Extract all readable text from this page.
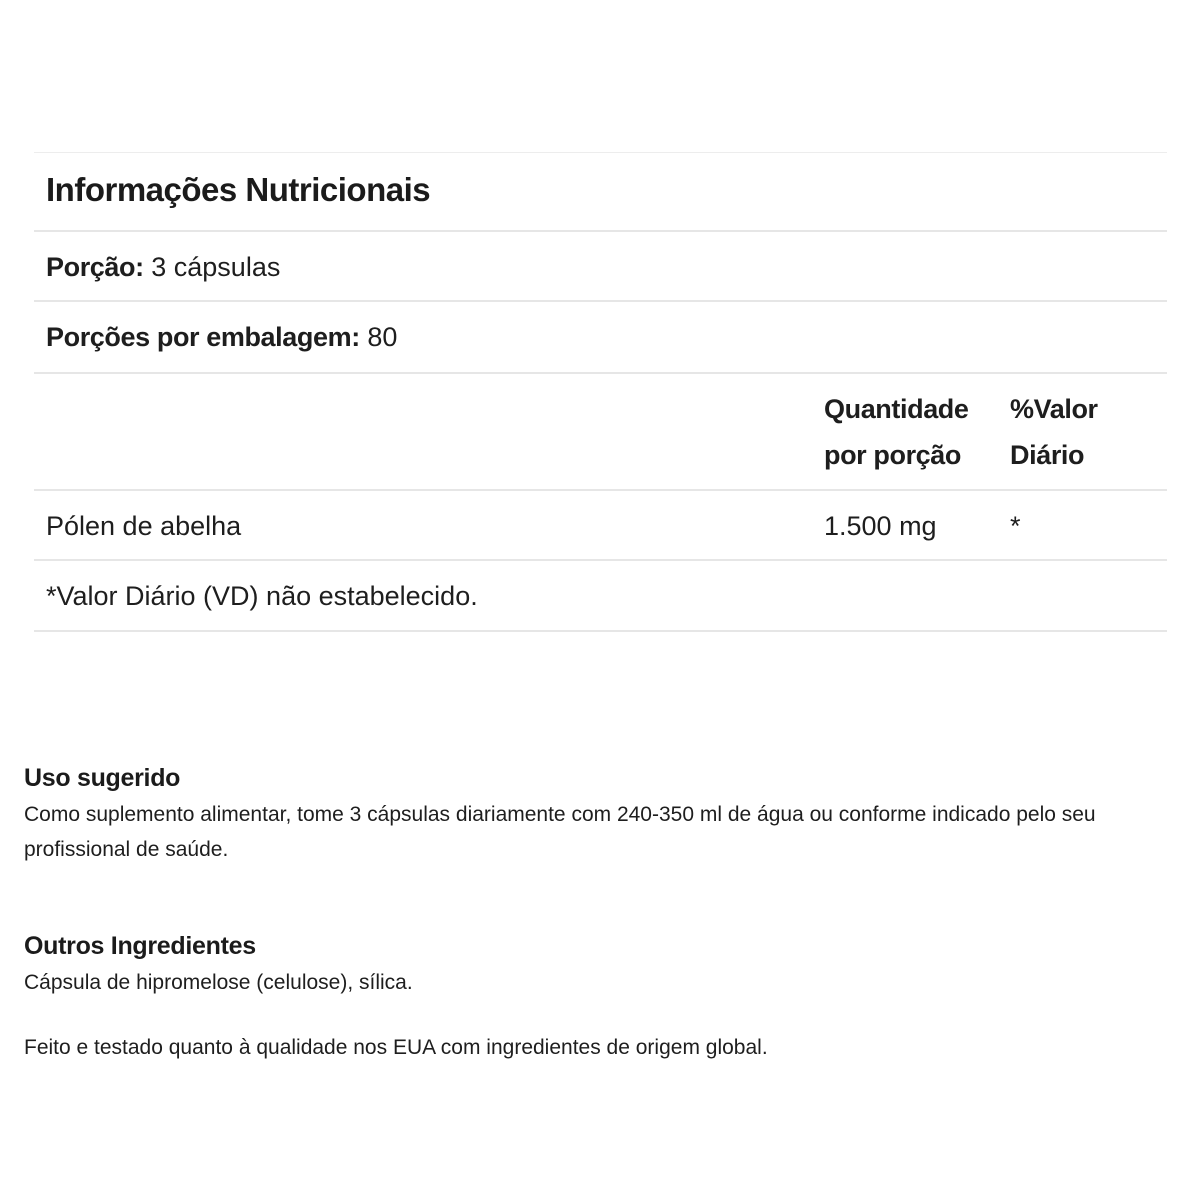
Informações Nutricionais
Porção: 3 cápsulas
Porções por embalagem: 80
Quantidade
por porção
%Valor
Diário
Pólen de abelha	1.500 mg	*
*Valor Diário (VD) não estabelecido.
Uso sugerido

Como suplemento alimentar, tome 3 cápsulas diariamente com 240-350 ml de água ou conforme indicado pelo seu profissional de saúde.

Outros Ingredientes

Cápsula de hipromelose (celulose), sílica.

Feito e testado quanto à qualidade nos EUA com ingredientes de origem global.
